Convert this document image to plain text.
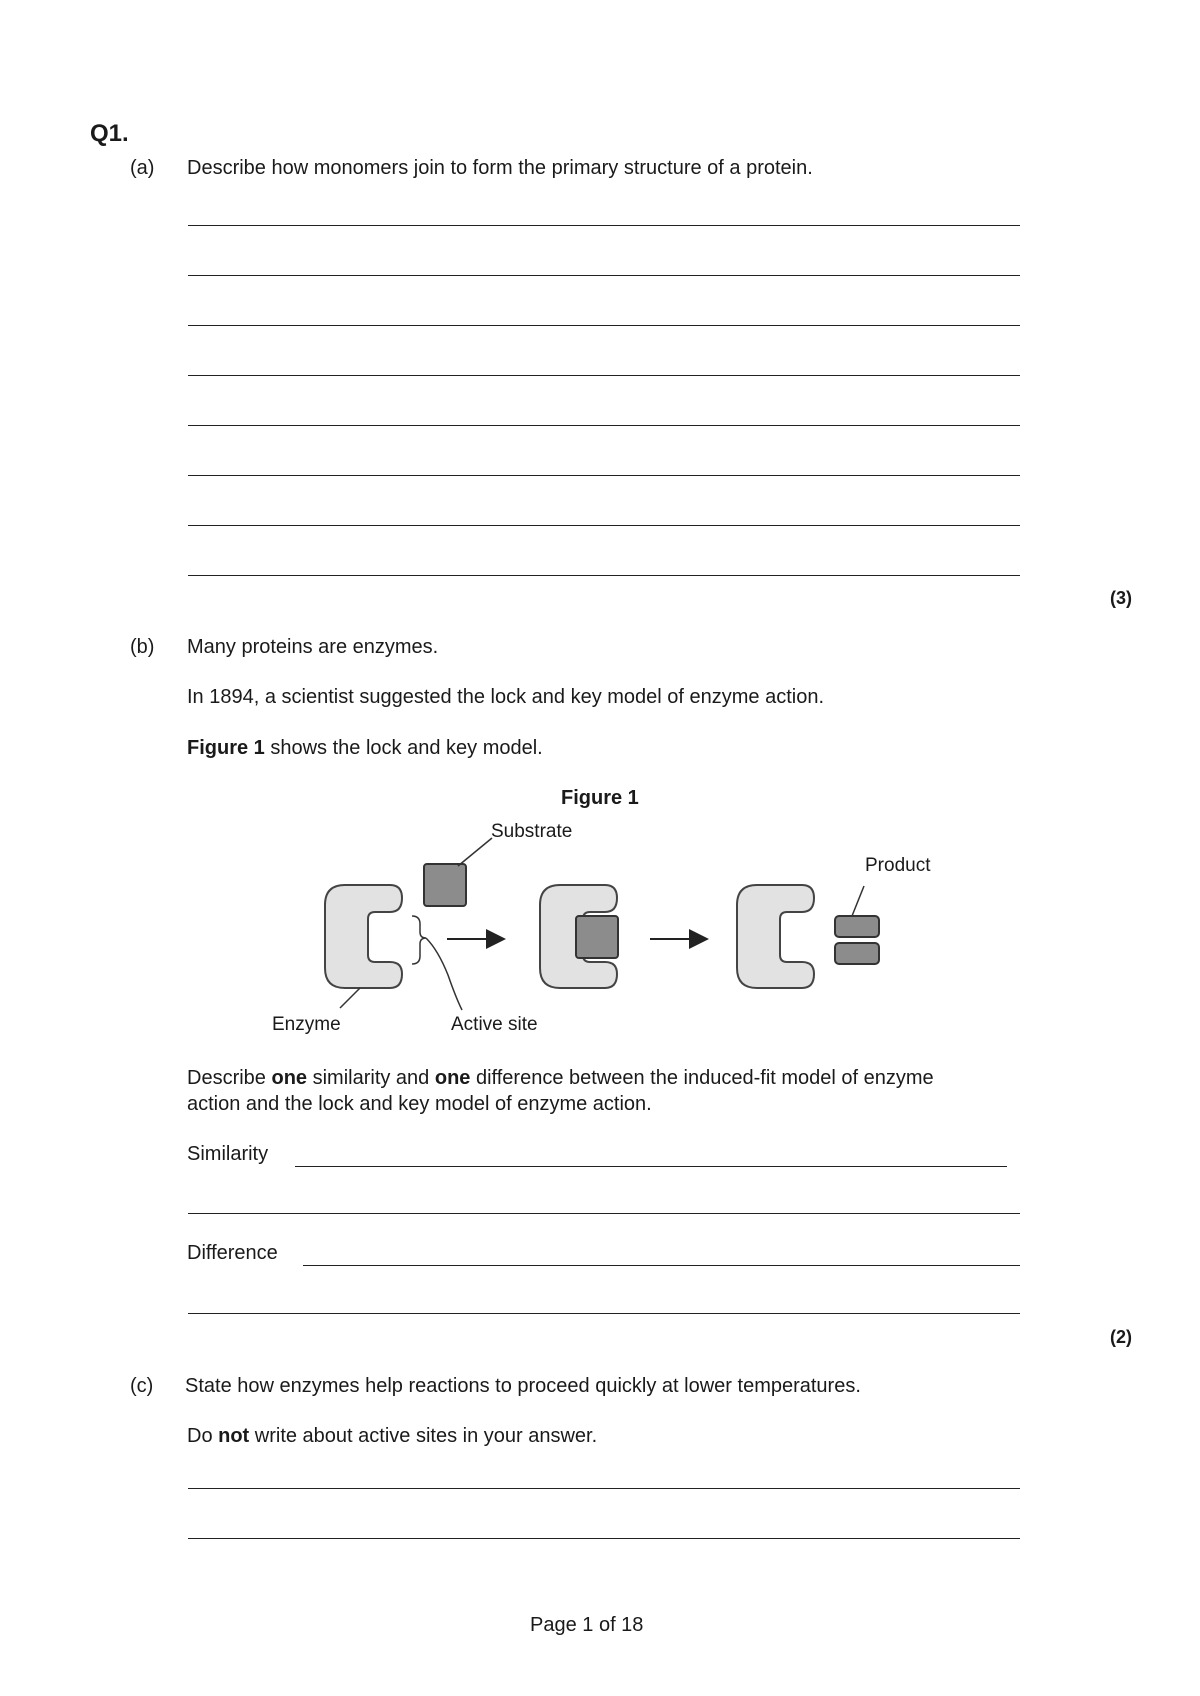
Q1.
(a) Describe how monomers join to form the primary structure of a protein.
(3)
(b) Many proteins are enzymes.
In 1894, a scientist suggested the lock and key model of enzyme action.
Figure 1 shows the lock and key model.
Figure 1
Substrate
Product
Enzyme	Active site
Describe one similarity and one difference between the induced-fit model of enzyme
action and the lock and key model of enzyme action.
Similarity
Difference
(2)
(c) State how enzymes help reactions to proceed quickly at lower temperatures.
Do not write about active sites in your answer.
Page 1 of 18
